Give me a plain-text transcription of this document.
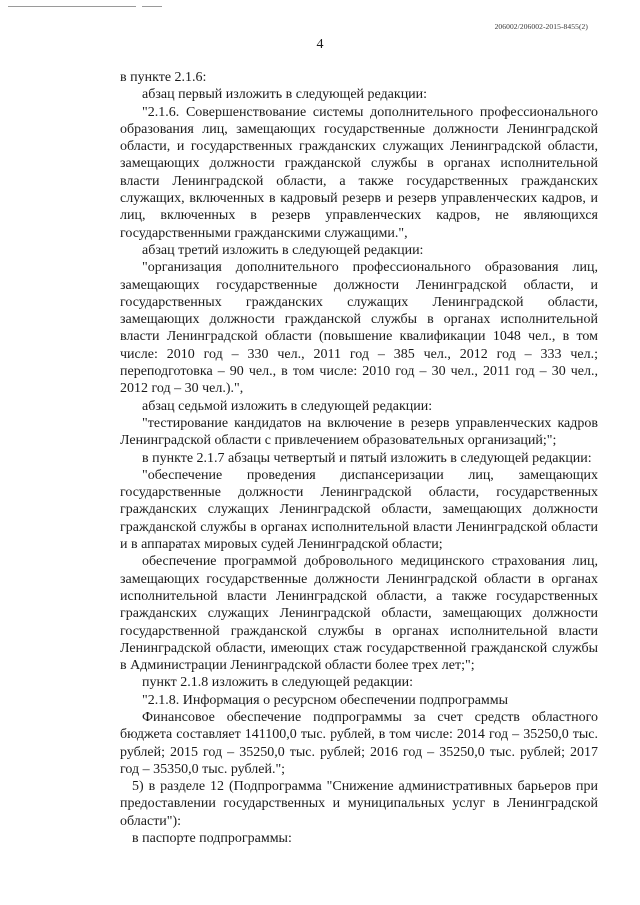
206002/206002-2015-8455(2)
4

в пункте 2.1.6:

абзац первый изложить в следующей редакции:

"2.1.6. Совершенствование системы дополнительного профессионального образования лиц, замещающих государственные должности Ленинградской области, и государственных гражданских служащих Ленинградской области, замещающих должности гражданской службы в органах исполнительной власти Ленинградской области, а также государственных гражданских служащих, включенных в кадровый резерв и резерв управленческих кадров, и лиц, включенных в резерв управленческих кадров, не являющихся государственными гражданскими служащими.",

абзац третий изложить в следующей редакции:

"организация дополнительного профессионального образования лиц, замещающих государственные должности Ленинградской области, и государственных гражданских служащих Ленинградской области, замещающих должности гражданской службы в органах исполнительной власти Ленинградской области (повышение квалификации 1048 чел., в том числе: 2010 год – 330 чел., 2011 год – 385 чел., 2012 год – 333 чел.; переподготовка – 90 чел., в том числе: 2010 год – 30 чел., 2011 год – 30 чел., 2012 год – 30 чел.).",

абзац седьмой изложить в следующей редакции:

"тестирование кандидатов на включение в резерв управленческих кадров Ленинградской области с привлечением образовательных организаций;";

в пункте 2.1.7 абзацы четвертый и пятый изложить в следующей редакции:

"обеспечение проведения диспансеризации лиц, замещающих государственные должности Ленинградской области, государственных гражданских служащих Ленинградской области, замещающих должности гражданской службы в органах исполнительной власти Ленинградской области и в аппаратах мировых судей Ленинградской области;

обеспечение программой добровольного медицинского страхования лиц, замещающих государственные должности Ленинградской области в органах исполнительной власти Ленинградской области, а также государственных гражданских служащих Ленинградской области, замещающих должности государственной гражданской службы в органах исполнительной власти Ленинградской области, имеющих стаж государственной гражданской службы в Администрации Ленинградской области более трех лет;";

пункт 2.1.8 изложить в следующей редакции:

"2.1.8. Информация о ресурсном обеспечении подпрограммы

Финансовое обеспечение подпрограммы за счет средств областного бюджета составляет 141100,0 тыс. рублей, в том числе: 2014 год – 35250,0 тыс. рублей; 2015 год – 35250,0 тыс. рублей; 2016 год – 35250,0 тыс. рублей; 2017 год – 35350,0 тыс. рублей.";

5) в разделе 12 (Подпрограмма "Снижение административных барьеров при предоставлении государственных и муниципальных услуг в Ленинградской области"):

в паспорте подпрограммы:
